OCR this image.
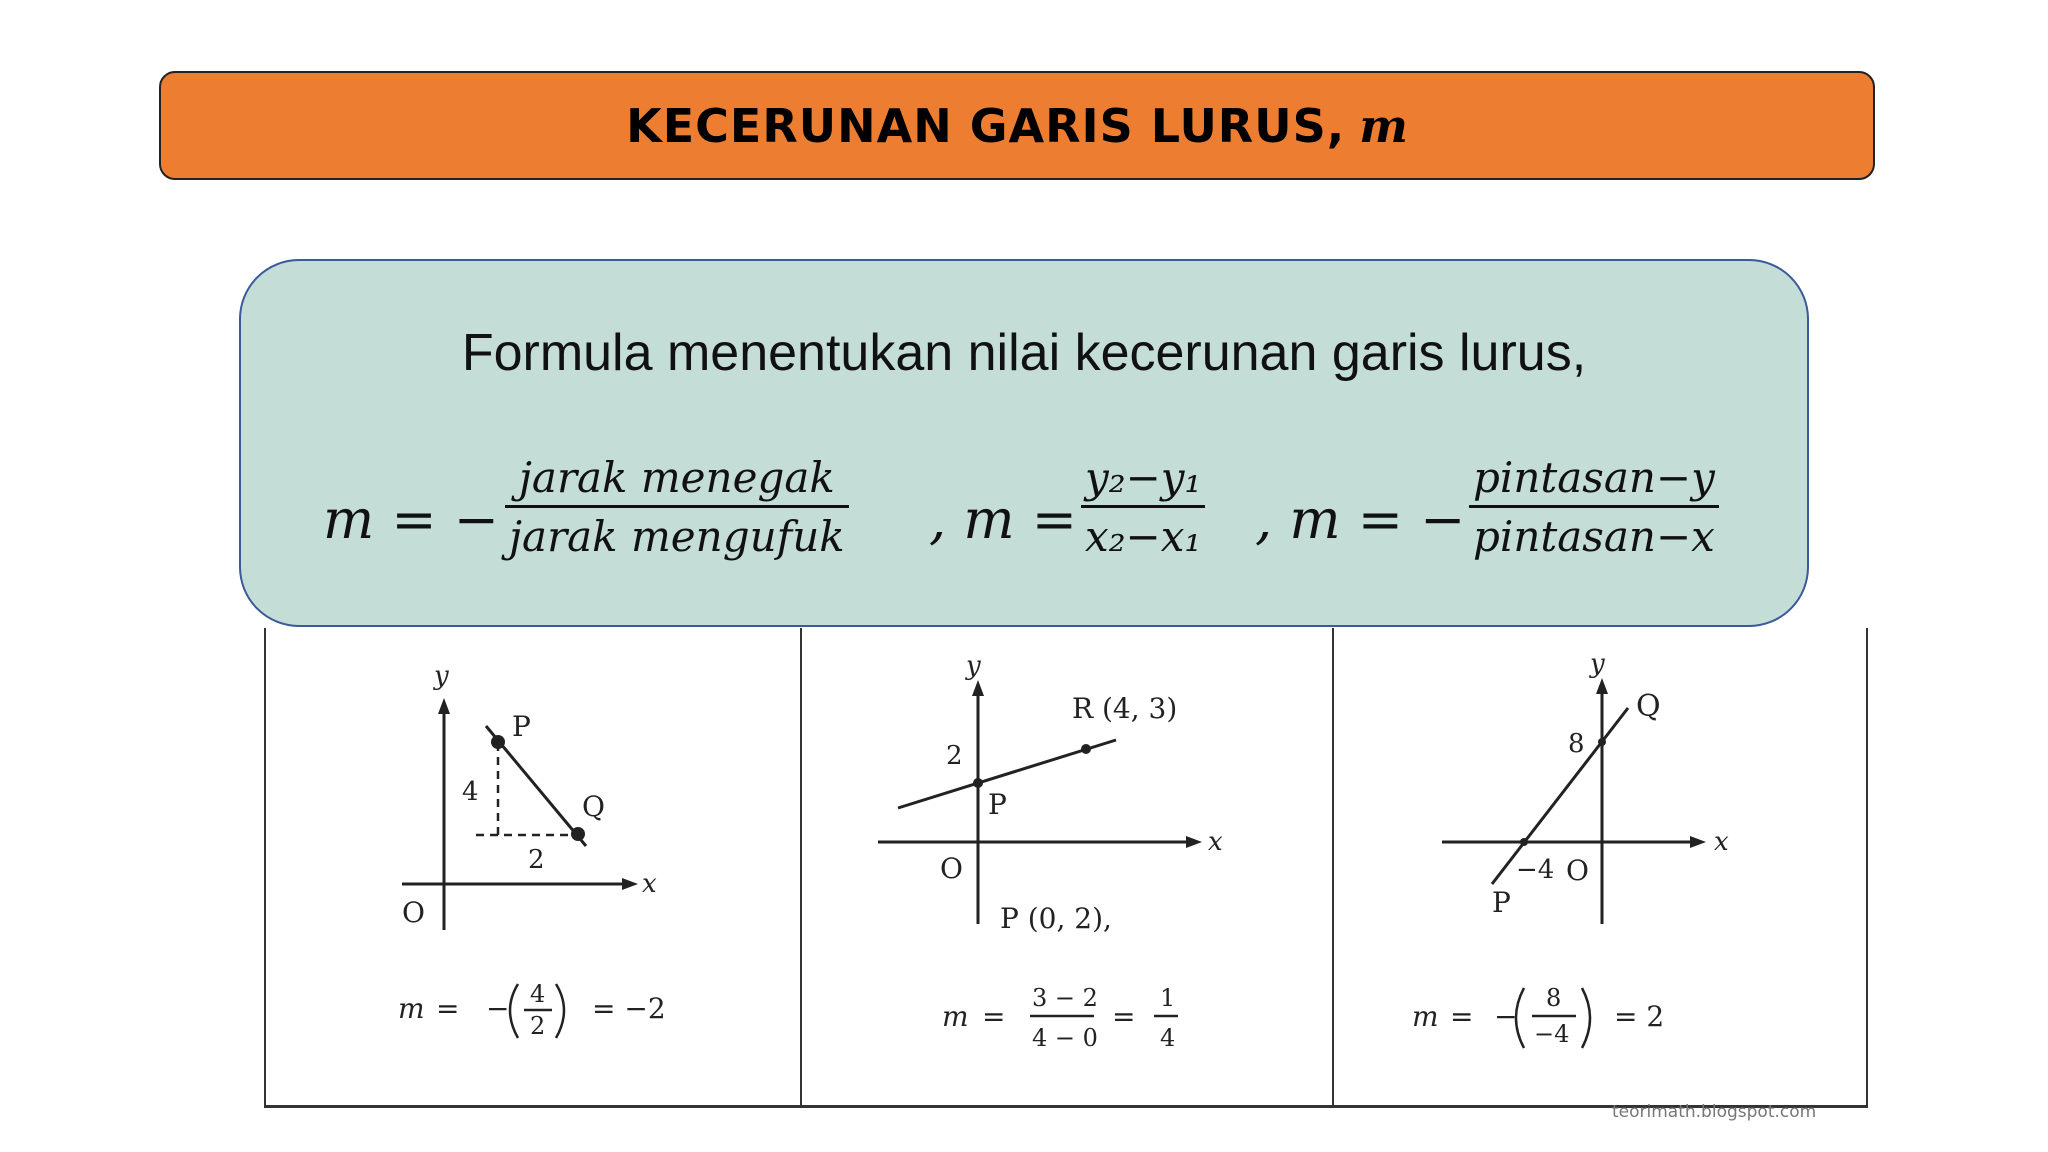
KECERUNAN GARIS LURUS, m
Formula menentukan nilai kecerunan garis lurus,
m = −
jarak menegak
jarak mengufuk , $m = \frac{\text{y₂−y₁}}{\text{x₂−x₁}}$ , m = −
pintasan−y
pintasan−x
y
x
O
P
Q
4
2
m = − 4
2
= −2
y
x
O
R (4, 3)
2
P
P (0, 2),
m =
3 − 2
4 − 0
=
1
4
y
x
O
Q
P
8
−4
m = −
8
−4
= 2
teorimath.blogspot.com
